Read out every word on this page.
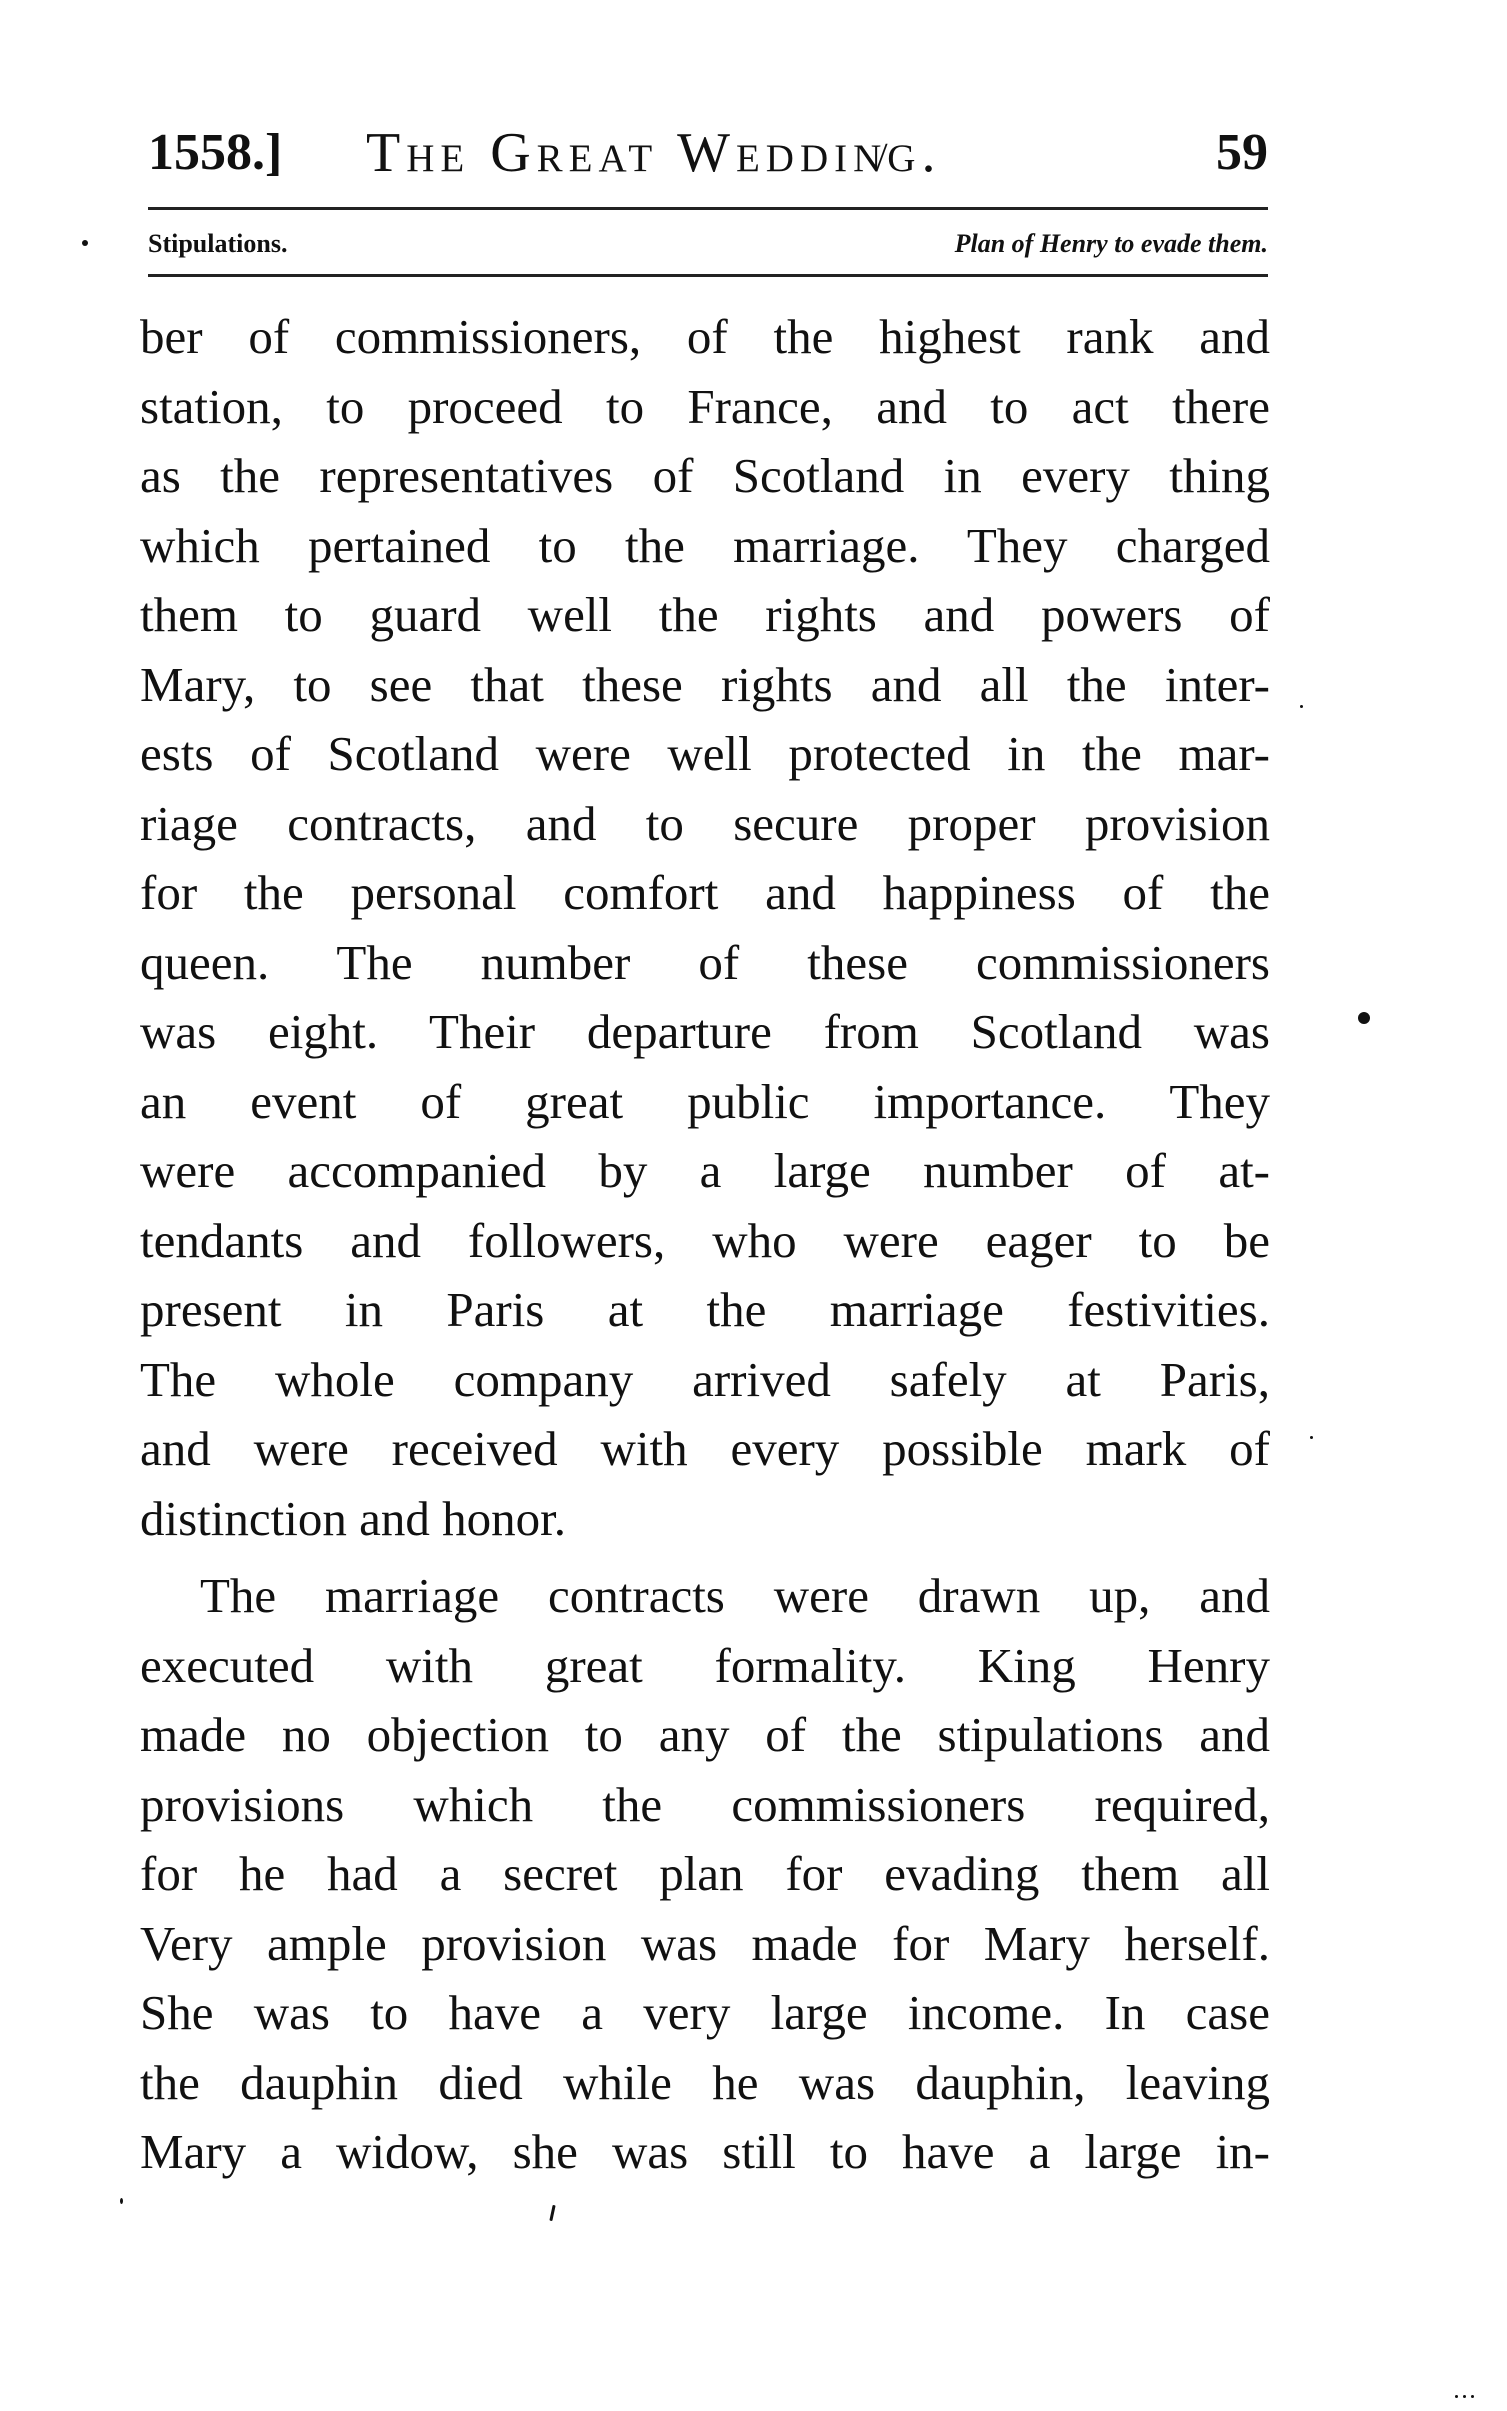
1558.] The Great Weddin̸g.	59
Stipulations.	Plan of Henry to evade them.
ber of commissioners, of the highest rank and
station, to proceed to France, and to act there
as the representatives of Scotland in every thing
which pertained to the marriage. They charged
them to guard well the rights and powers of
Mary, to see that these rights and all the inter-
ests of Scotland were well protected in the mar-
riage contracts, and to secure proper provision
for the personal comfort and happiness of the
queen. The number of these commissioners
was eight. Their departure from Scotland was
an event of great public importance. They
were accompanied by a large number of at-
tendants and followers, who were eager to be
present in Paris at the marriage festivities.
The whole company arrived safely at Paris,
and were received with every possible mark of
distinction and honor.
The marriage contracts were drawn up, and
executed with great formality. King Henry
made no objection to any of the stipulations and
provisions which the commissioners required,
for he had a secret plan for evading them all
Very ample provision was made for Mary herself.
She was to have a very large income. In case
the dauphin died while he was dauphin, leaving
Mary a widow, she was still to have a large in-
